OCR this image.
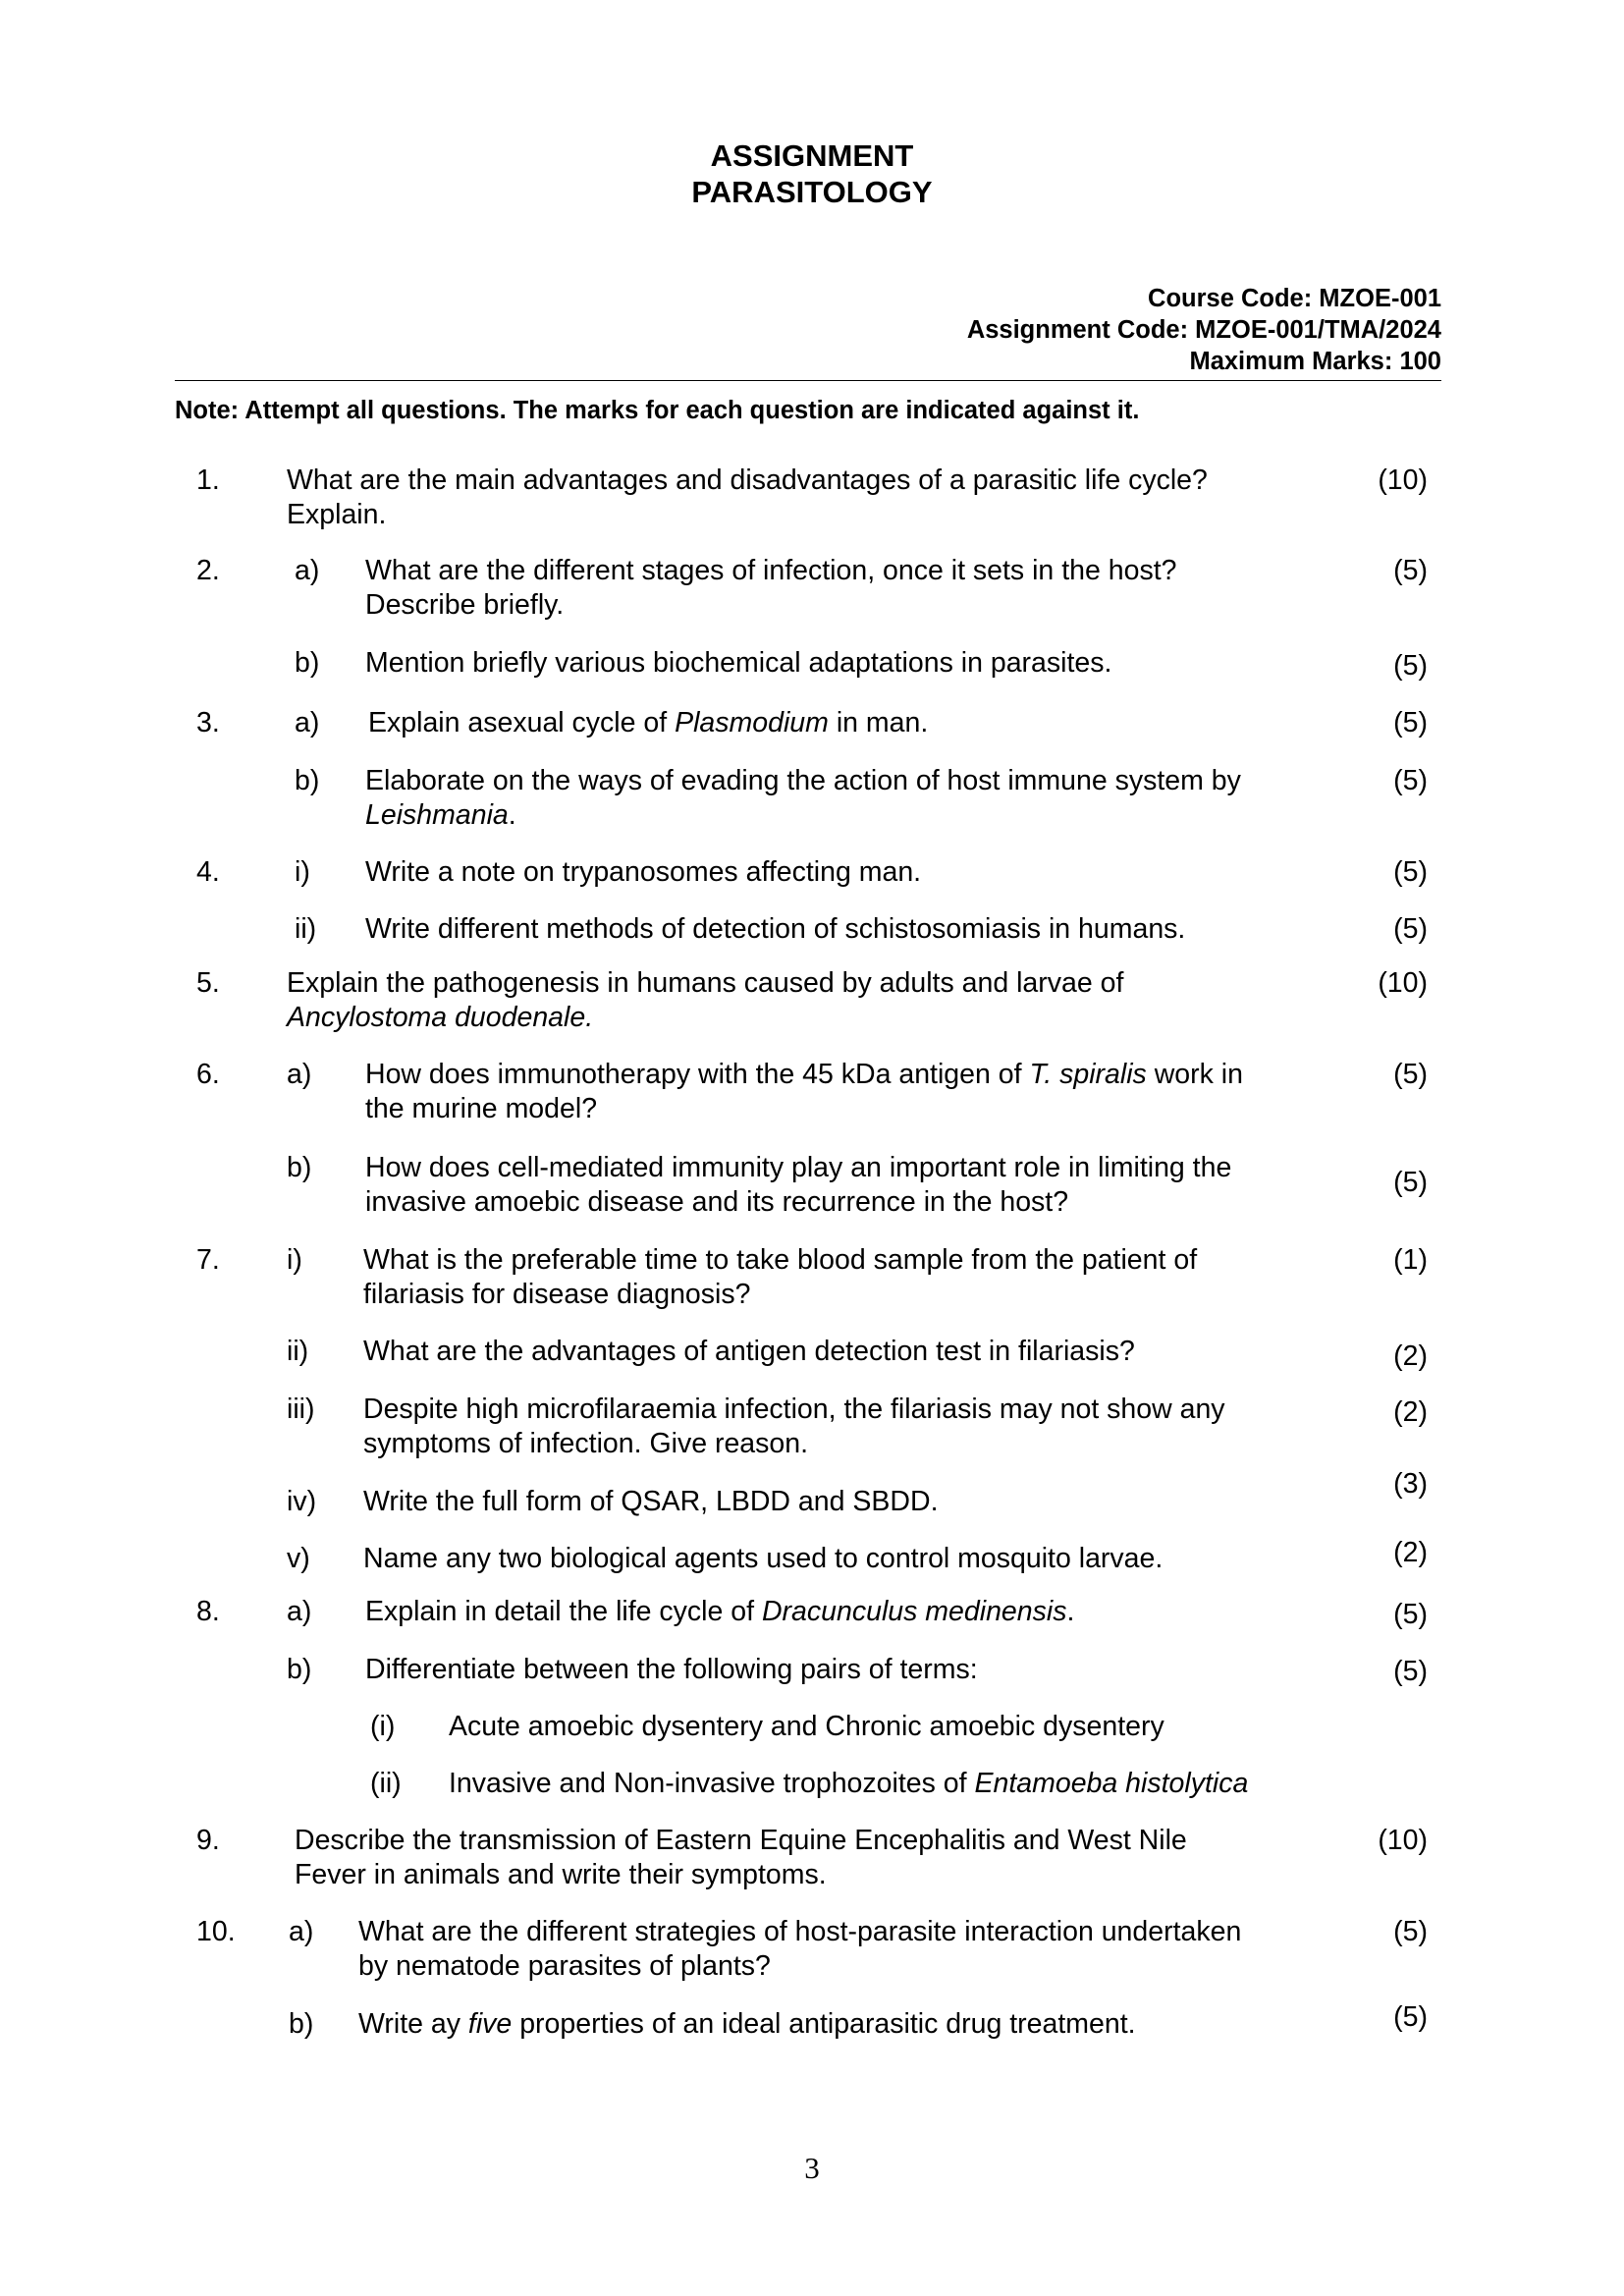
ASSIGNMENT
PARASITOLOGY
Course Code: MZOE-001
Assignment Code: MZOE-001/TMA/2024
Maximum Marks: 100
Note: Attempt all questions. The marks for each question are indicated against it.
1. What are the main advantages and disadvantages of a parasitic life cycle?
Explain.
(10)
2.	a) What are the different stages of infection, once it sets in the host?
Describe briefly.
(5)
b) Mention briefly various biochemical adaptations in parasites.	(5)
3.	a) Explain asexual cycle of Plasmodium in man.	(5)
b) Elaborate on the ways of evading the action of host immune system by
Leishmania.
(5)
4.	i) Write a note on trypanosomes affecting man.	(5)
ii) Write different methods of detection of schistosomiasis in humans.	(5)
5. Explain the pathogenesis in humans caused by adults and larvae of
Ancylostoma duodenale.
(10)
6. a) How does immunotherapy with the 45 kDa antigen of T. spiralis work in
the murine model?
(5)
b) How does cell-mediated immunity play an important role in limiting the
invasive amoebic disease and its recurrence in the host?
(5)
7. i) What is the preferable time to take blood sample from the patient of
filariasis for disease diagnosis?
(1)
ii) What are the advantages of antigen detection test in filariasis?	(2)
iii) Despite high microfilaraemia infection, the filariasis may not show any
symptoms of infection. Give reason.
(2)
iv) Write the full form of QSAR, LBDD and SBDD.
(3)
v) Name any two biological agents used to control mosquito larvae.	(2)
8. a) Explain in detail the life cycle of Dracunculus medinensis.	(5)
b) Differentiate between the following pairs of terms:	(5)
(i) Acute amoebic dysentery and Chronic amoebic dysentery
(ii) Invasive and Non-invasive trophozoites of Entamoeba histolytica
9.	Describe the transmission of Eastern Equine Encephalitis and West Nile
Fever in animals and write their symptoms.
(10)
10. a) What are the different strategies of host-parasite interaction undertaken
by nematode parasites of plants?
(5)
b) Write ay five properties of an ideal antiparasitic drug treatment.	(5)
3
